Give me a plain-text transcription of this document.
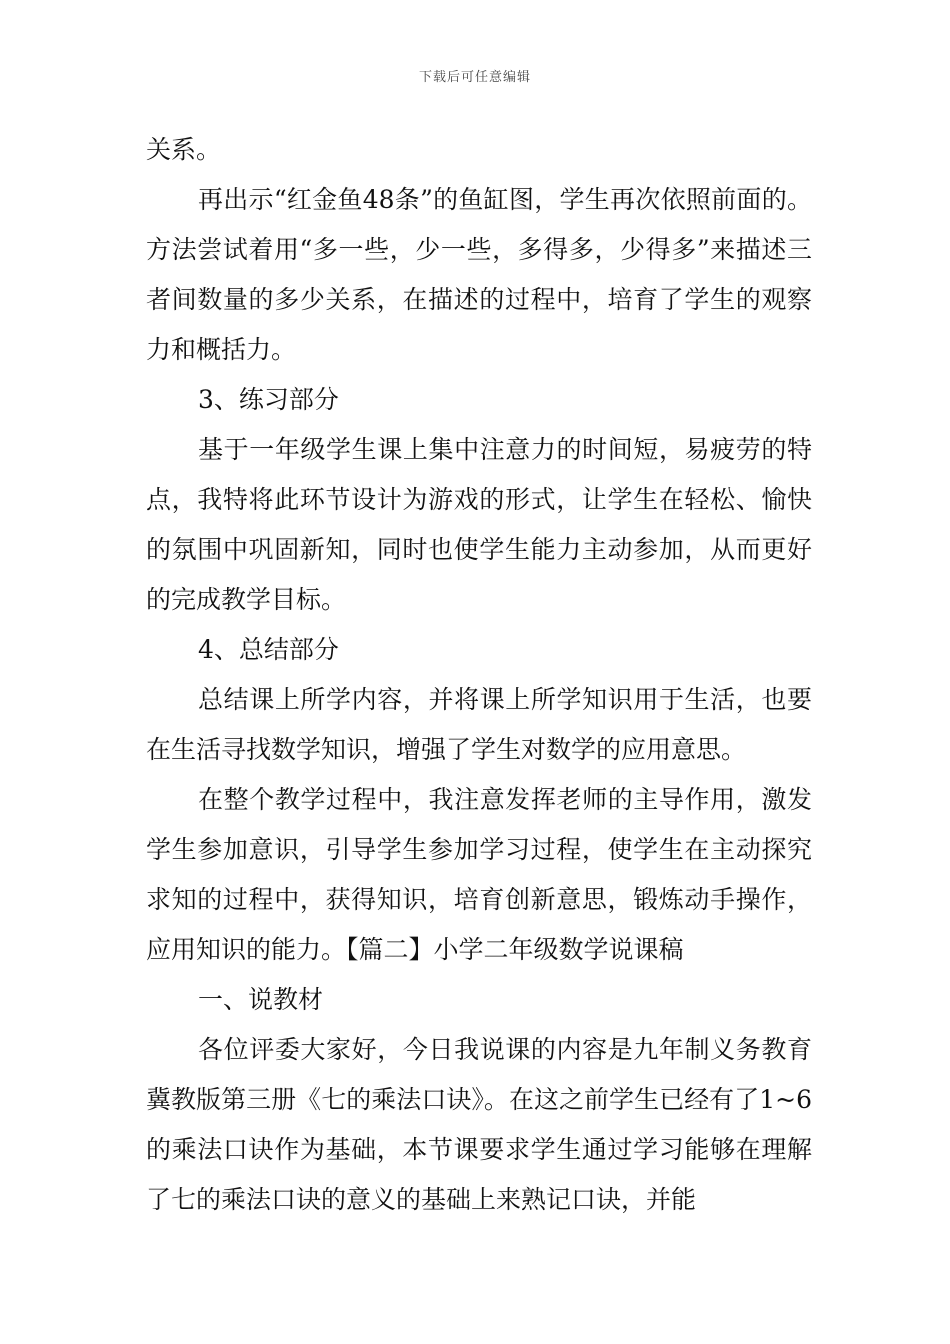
下载后可任意编辑

关系。

再出示“红金鱼48条”的鱼缸图，学生再次依照前面的。方法尝试着用“多一些，少一些，多得多，少得多”来描述三者间数量的多少关系，在描述的过程中，培育了学生的观察力和概括力。

3、练习部分

基于一年级学生课上集中注意力的时间短，易疲劳的特点，我特将此环节设计为游戏的形式，让学生在轻松、愉快的氛围中巩固新知，同时也使学生能力主动参加，从而更好的完成教学目标。

4、总结部分

总结课上所学内容，并将课上所学知识用于生活，也要在生活寻找数学知识，增强了学生对数学的应用意思。

在整个教学过程中，我注意发挥老师的主导作用，激发学生参加意识，引导学生参加学习过程，使学生在主动探究求知的过程中，获得知识，培育创新意思，锻炼动手操作，应用知识的能力。【篇二】小学二年级数学说课稿

一、说教材

各位评委大家好，今日我说课的内容是九年制义务教育冀教版第三册《七的乘法口诀》。在这之前学生已经有了1~6的乘法口诀作为基础，本节课要求学生通过学习能够在理解了七的乘法口诀的意义的基础上来熟记口诀，并能
